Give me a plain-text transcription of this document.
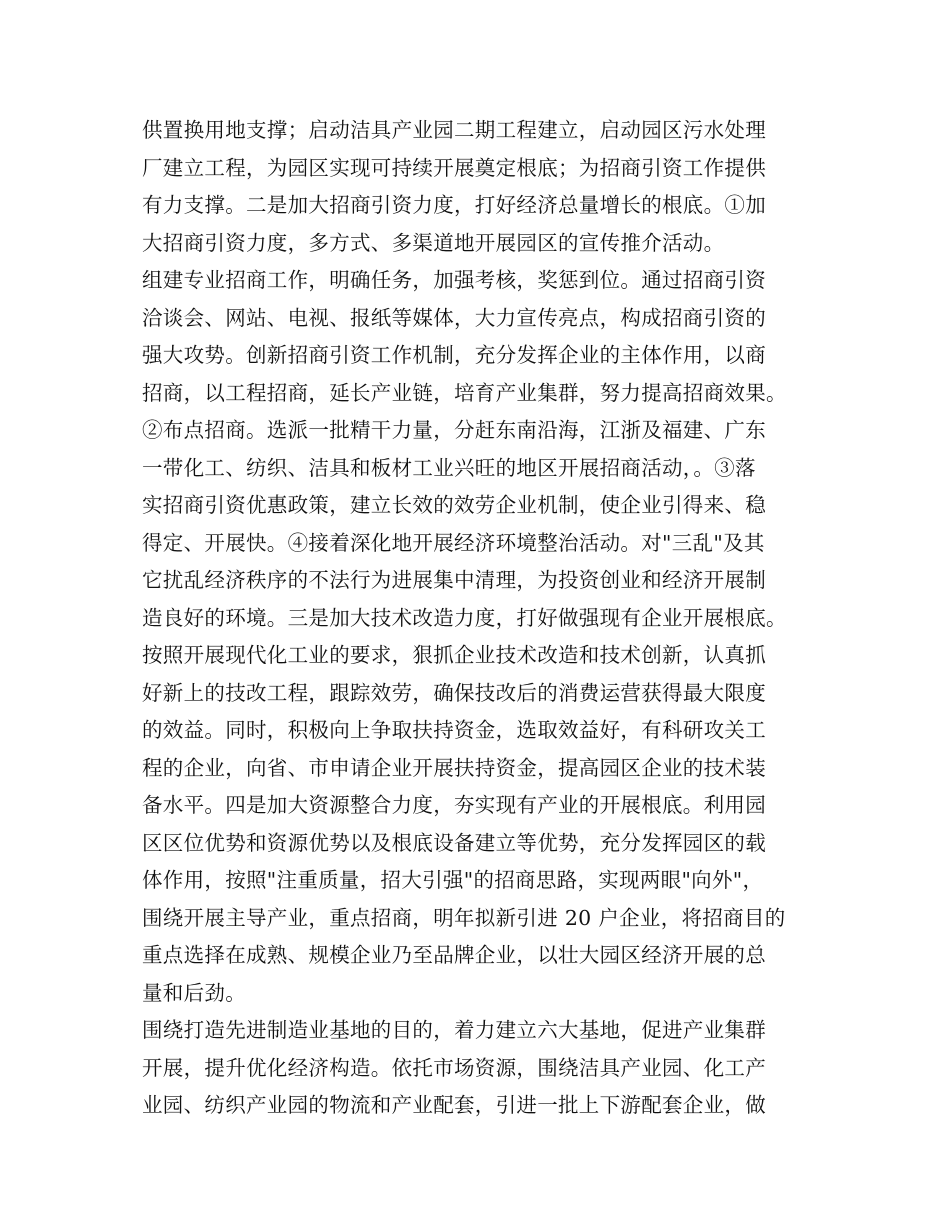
供置换用地支撑；启动洁具产业园二期工程建立，启动园区污水处理
厂建立工程，为园区实现可持续开展奠定根底；为招商引资工作提供
有力支撑。二是加大招商引资力度，打好经济总量增长的根底。①加
大招商引资力度，多方式、多渠道地开展园区的宣传推介活动。
组建专业招商工作，明确任务，加强考核，奖惩到位。通过招商引资
洽谈会、网站、电视、报纸等媒体，大力宣传亮点，构成招商引资的
强大攻势。创新招商引资工作机制，充分发挥企业的主体作用，以商
招商，以工程招商，延长产业链，培育产业集群，努力提高招商效果。
②布点招商。选派一批精干力量，分赶东南沿海，江浙及福建、广东
一带化工、纺织、洁具和板材工业兴旺的地区开展招商活动，。③落
实招商引资优惠政策，建立长效的效劳企业机制，使企业引得来、稳
得定、开展快。④接着深化地开展经济环境整治活动。对"三乱"及其
它扰乱经济秩序的不法行为进展集中清理，为投资创业和经济开展制
造良好的环境。三是加大技术改造力度，打好做强现有企业开展根底。
按照开展现代化工业的要求，狠抓企业技术改造和技术创新，认真抓
好新上的技改工程，跟踪效劳，确保技改后的消费运营获得最大限度
的效益。同时，积极向上争取扶持资金，选取效益好，有科研攻关工
程的企业，向省、市申请企业开展扶持资金，提高园区企业的技术装
备水平。四是加大资源整合力度，夯实现有产业的开展根底。利用园
区区位优势和资源优势以及根底设备建立等优势，充分发挥园区的载
体作用，按照"注重质量，招大引强"的招商思路，实现两眼"向外"，
围绕开展主导产业，重点招商，明年拟新引进 20 户企业，将招商目的
重点选择在成熟、规模企业乃至品牌企业，以壮大园区经济开展的总
量和后劲。
围绕打造先进制造业基地的目的，着力建立六大基地，促进产业集群
开展，提升优化经济构造。依托市场资源，围绕洁具产业园、化工产
业园、纺织产业园的物流和产业配套，引进一批上下游配套企业，做
